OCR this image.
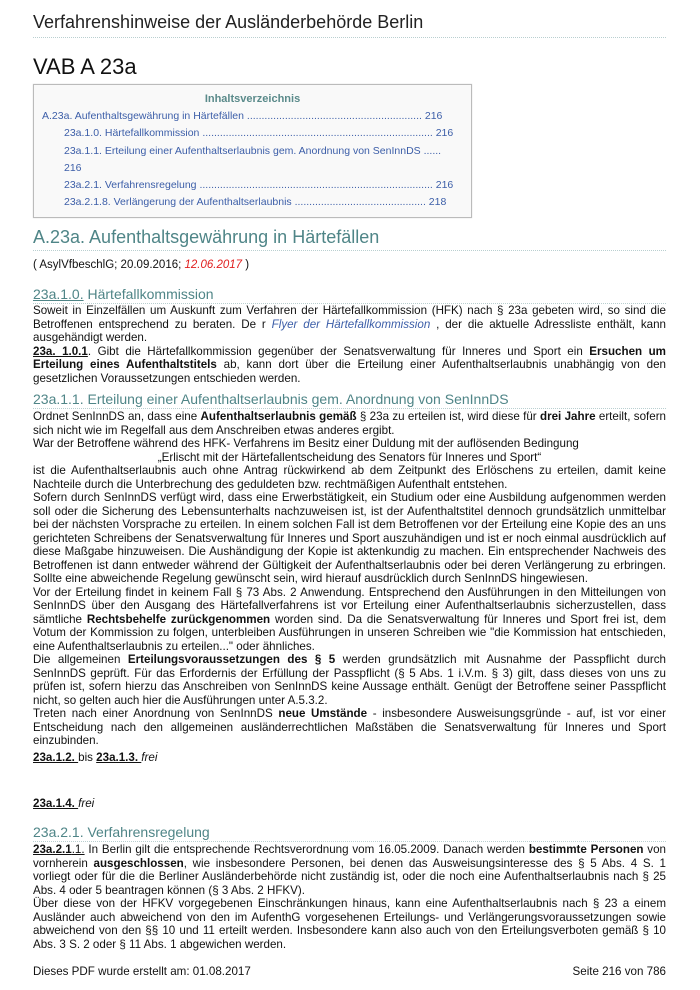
Verfahrenshinweise der Ausländerbehörde Berlin
VAB A 23a
Inhaltsverzeichnis
A.23a. Aufenthaltsgewährung in Härtefällen ............................................................ 216
23a.1.0. Härtefallkommission ............................................................................... 216
23a.1.1. Erteilung einer Aufenthaltserlaubnis gem. Anordnung von SenInnDS ......
216
23a.2.1. Verfahrensregelung ................................................................................ 216
23a.2.1.8. Verlängerung der Aufenthaltserlaubnis ............................................. 218
A.23a. Aufenthaltsgewährung in Härtefällen
( AsylVfbeschlG; 20.09.2016; 12.06.2017 )
23a.1.0. Härtefallkommission

Soweit in Einzelfällen um Auskunft zum Verfahren der Härtefallkommission (HFK) nach § 23a gebeten wird, so sind die Betroffenen entsprechend zu beraten. De r Flyer der Härtefallkommission , der die aktuelle Adressliste enthält, kann ausgehändigt werden.

23a. 1.0.1. Gibt die Härtefallkommission gegenüber der Senatsverwaltung für Inneres und Sport ein Ersuchen um Erteilung eines Aufenthaltstitels ab, kann dort über die Erteilung einer Aufenthaltserlaubnis unabhängig von den gesetzlichen Voraussetzungen entschieden werden.

23a.1.1. Erteilung einer Aufenthaltserlaubnis gem. Anordnung von SenInnDS

Ordnet SenInnDS an, dass eine Aufenthaltserlaubnis gemäß § 23a zu erteilen ist, wird diese für drei Jahre erteilt, sofern sich nicht wie im Regelfall aus dem Anschreiben etwas anderes ergibt.

War der Betroffene während des HFK- Verfahrens im Besitz einer Duldung mit der auflösenden Bedingung

„Erlischt mit der Härtefallentscheidung des Senators für Inneres und Sport“

ist die Aufenthaltserlaubnis auch ohne Antrag rückwirkend ab dem Zeitpunkt des Erlöschens zu erteilen, damit keine Nachteile durch die Unterbrechung des geduldeten bzw. rechtmäßigen Aufenthalt entstehen.

Sofern durch SenInnDS verfügt wird, dass eine Erwerbstätigkeit, ein Studium oder eine Ausbildung aufgenommen werden soll oder die Sicherung des Lebensunterhalts nachzuweisen ist, ist der Aufenthaltstitel dennoch grundsätzlich unmittelbar bei der nächsten Vorsprache zu erteilen. In einem solchen Fall ist dem Betroffenen vor der Erteilung eine Kopie des an uns gerichteten Schreibens der Senatsverwaltung für Inneres und Sport auszuhändigen und ist er noch einmal ausdrücklich auf diese Maßgabe hinzuweisen. Die Aushändigung der Kopie ist aktenkundig zu machen. Ein entsprechender Nachweis des Betroffenen ist dann entweder während der Gültigkeit der Aufenthaltserlaubnis oder bei deren Verlängerung zu erbringen. Sollte eine abweichende Regelung gewünscht sein, wird hierauf ausdrücklich durch SenInnDS hingewiesen.

Vor der Erteilung findet in keinem Fall § 73 Abs. 2 Anwendung. Entsprechend den Ausführungen in den Mitteilungen von SenInnDS über den Ausgang des Härtefallverfahrens ist vor Erteilung einer Aufenthaltserlaubnis sicherzustellen, dass sämtliche Rechtsbehelfe zurückgenommen worden sind. Da die Senatsverwaltung für Inneres und Sport frei ist, dem Votum der Kommission zu folgen, unterbleiben Ausführungen in unseren Schreiben wie "die Kommission hat entschieden, eine Aufenthaltserlaubnis zu erteilen..." oder ähnliches.

Die allgemeinen Erteilungsvoraussetzungen des § 5 werden grundsätzlich mit Ausnahme der Passpflicht durch SenInnDS geprüft. Für das Erfordernis der Erfüllung der Passpflicht (§ 5 Abs. 1 i.V.m. § 3) gilt, dass dieses von uns zu prüfen ist, sofern hierzu das Anschreiben von SenInnDS keine Aussage enthält. Genügt der Betroffene seiner Passpflicht nicht, so gelten auch hier die Ausführungen unter A.5.3.2.

Treten nach einer Anordnung von SenInnDS neue Umstände - insbesondere Ausweisungsgründe - auf, ist vor einer Entscheidung nach den allgemeinen ausländerrechtlichen Maßstäben die Senatsverwaltung für Inneres und Sport einzubinden.

23a.1.2. bis 23a.1.3. frei

23a.1.4. frei

23a.2.1. Verfahrensregelung

23a.2.1.1. In Berlin gilt die entsprechende Rechtsverordnung vom 16.05.2009. Danach werden bestimmte Personen von vornherein ausgeschlossen, wie insbesondere Personen, bei denen das Ausweisungsinteresse des § 5 Abs. 4 S. 1 vorliegt oder für die die Berliner Ausländerbehörde nicht zuständig ist, oder die noch eine Aufenthaltserlaubnis nach § 25 Abs. 4 oder 5 beantragen können (§ 3 Abs. 2 HFKV).

Über diese von der HFKV vorgegebenen Einschränkungen hinaus, kann eine Aufenthaltserlaubnis nach § 23 a einem Ausländer auch abweichend von den im AufenthG vorgesehenen Erteilungs- und Verlängerungsvoraussetzungen sowie abweichend von den §§ 10 und 11 erteilt werden. Insbesondere kann also auch von den Erteilungsverboten gemäß § 10 Abs. 3 S. 2 oder § 11 Abs. 1 abgewichen werden.

Dieses PDF wurde erstellt am: 01.08.2017	Seite 216 von 786
